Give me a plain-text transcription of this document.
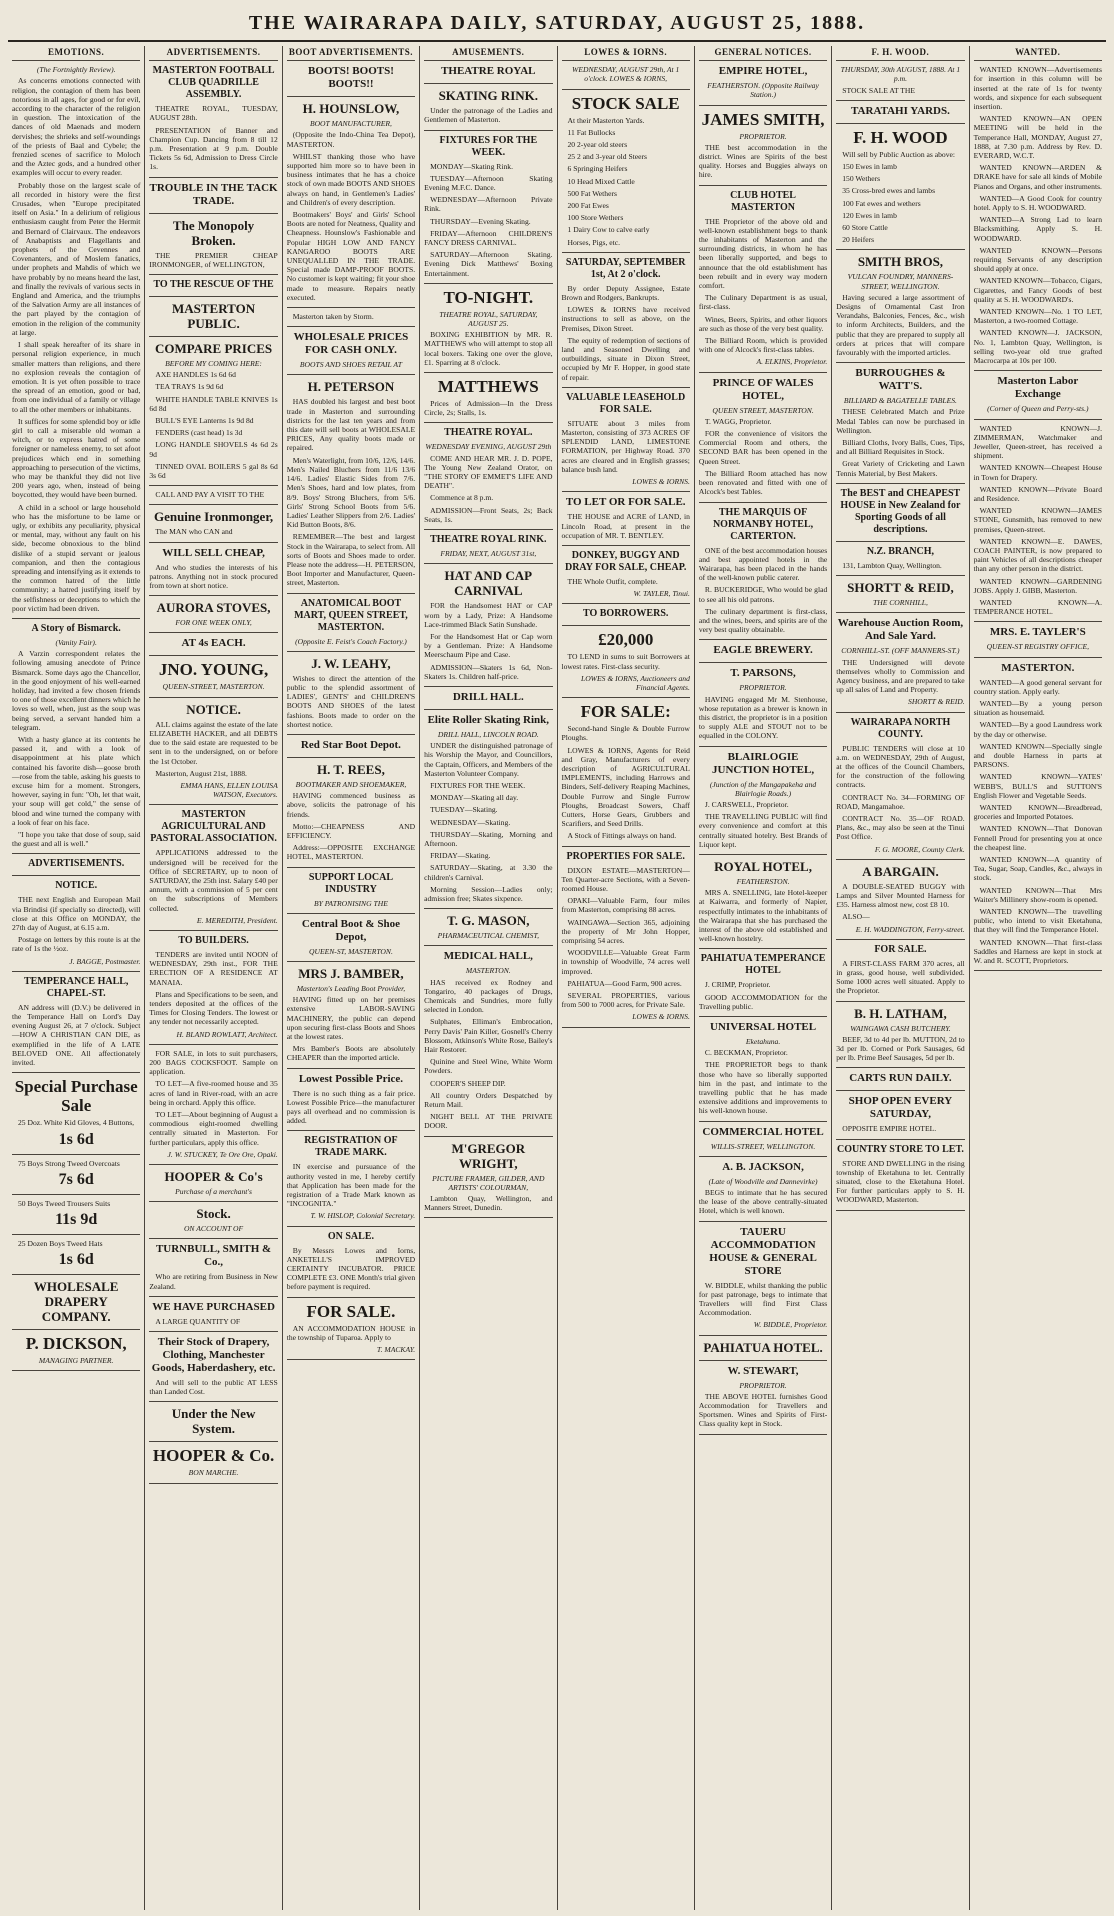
THE WAIRARAPA DAILY, SATURDAY, AUGUST 25, 1888.
EMOTIONS.
(The Fortnightly Review).

As concerns emotions connected with religion, the contagion of them has been notorious in all ages, for good or for evil, according to the character of the religion in question. The intoxication of the dances of old Maenads and modern dervishes; the shrieks and self-woundings of the priests of Baal and Cybele; the frenzied scenes of sacrifice to Moloch and the Aztec gods, and a hundred other examples will occur to every reader.

Probably those on the largest scale of all recorded in history were the first Crusades, when "Europe precipitated itself on Asia." In a delirium of religious enthusiasm caught from Peter the Hermit and Bernard of Clairvaux. The endeavors of Anabaptists and Flagellants and prophets of the Cevennes and Covenanters, and of Moslem fanatics, under prophets and Mahdis of which we have probably by no means heard the last, and finally the revivals of various sects in England and America, and the triumphs of the Salvation Army are all instances of the part played by the contagion of emotion in the religion of the community at large.

I shall speak hereafter of its share in personal religion experience, in much smaller matters than religions, and there no explosion reveals the contagion of emotion. It is yet often possible to trace the spread of an emotion, good or bad, from one individual of a family or village to all the other members or inhabitants.

It suffices for some splendid boy or idle girl to call a miserable old woman a witch, or to express hatred of some foreigner or nameless enemy, to set afoot prejudices which end in something approaching to persecution of the victims, who may be thankful they did not live 200 years ago, when, instead of being boycotted, they would have been burned.

A child in a school or large household who has the misfortune to be lame or ugly, or exhibits any peculiarity, physical or mental, may, without any fault on his side, become obnoxious to the blind dislike of a stupid servant or jealous companion, and then the contagious spreading and intensifying as it extends to the common hatred of the little community; a hatred justifying itself by the selfishness or deceptions to which the poor victim had been driven.

A Story of Bismarck.
(Vanity Fair).

A Varzin correspondent relates the following amusing anecdote of Prince Bismarck. Some days ago the Chancellor, in the good enjoyment of his well-earned holiday, had invited a few chosen friends to one of those excellent dinners which he loves so well, when, just as the soup was being served, a servant handed him a telegram.

With a hasty glance at its contents he passed it, and with a look of disappointment at his plate which contained his favorite dish—goose broth—rose from the table, asking his guests to excuse him for a moment. Strongers, however, saying in fun: "Oh, let that wait, your soup will get cold," the sense of blood and wine turned the company with a look of fear on his face.

"I hope you take that dose of soup, said the guest and all is well."

ADVERTISEMENTS.
NOTICE.

THE next English and European Mail via Brindisi (if specially so directed), will close at this Office on MONDAY, the 27th day of August, at 6.15 a.m.

Postage on letters by this route is at the rate of 1s the ½oz.

J. BAGGE, Postmaster.
TEMPERANCE HALL, CHAPEL-ST.

AN address will (D.V.) be delivered in the Temperance Hall on Lord's Day evening August 26, at 7 o'clock. Subject—HOW A CHRISTIAN CAN DIE, as exemplified in the life of A LATE BELOVED ONE. All affectionately invited.

Special Purchase Sale

25 Doz. White Kid Gloves, 4 Buttons,

1s 6d

75 Boys Strong Tweed Overcoats

7s 6d

50 Boys Tweed Trousers Suits

11s 9d

25 Dozen Boys Tweed Hats

1s 6d
WHOLESALE DRAPERY COMPANY.
P. DICKSON,
MANAGING PARTNER.
ADVERTISEMENTS.
MASTERTON FOOTBALL CLUB QUADRILLE ASSEMBLY.

THEATRE ROYAL, TUESDAY, AUGUST 28th.

PRESENTATION of Banner and Champion Cup. Dancing from 8 till 12 p.m. Presentation at 9 p.m. Double Tickets 5s 6d, Admission to Dress Circle 1s.

TROUBLE IN THE TACK TRADE.
The Monopoly Broken.

THE PREMIER CHEAP IRONMONGER, of WELLINGTON,

TO THE RESCUE OF THE
MASTERTON PUBLIC.
COMPARE PRICES
BEFORE MY COMING HERE:

AXE HANDLES 1s 6d 6d

TEA TRAYS 1s 9d 6d

WHITE HANDLE TABLE KNIVES 1s 6d 8d

BULL'S EYE Lanterns 1s 9d 8d

FENDERS (cast head) 1s 3d

LONG HANDLE SHOVELS 4s 6d 2s 9d

TINNED OVAL BOILERS 5 gal 8s 6d 3s 6d

CALL AND PAY A VISIT TO THE

Genuine Ironmonger,

The MAN who CAN and

WILL SELL CHEAP,

And who studies the interests of his patrons. Anything not in stock procured from town at short notice.

AURORA STOVES,
FOR ONE WEEK ONLY,
AT 4s EACH.
JNO. YOUNG,
QUEEN-STREET, MASTERTON.
NOTICE.

ALL claims against the estate of the late ELIZABETH HACKER, and all DEBTS due to the said estate are requested to be sent in to the undersigned, on or before the 1st October.

Masterton, August 21st, 1888.

EMMA HANS, ELLEN LOUISA WATSON, Executors.
MASTERTON AGRICULTURAL AND PASTORAL ASSOCIATION.

APPLICATIONS addressed to the undersigned will be received for the Office of SECRETARY, up to noon of SATURDAY, the 25th inst. Salary £40 per annum, with a commission of 5 per cent on the subscriptions of Members collected.

E. MEREDITH, President.
TO BUILDERS.

TENDERS are invited until NOON of WEDNESDAY, 29th inst., FOR THE ERECTION OF A RESIDENCE AT MANAIA.

Plans and Specifications to be seen, and tenders deposited at the offices of the Times for Closing Tenders. The lowest or any tender not necessarily accepted.

H. BLAND ROWLATT, Architect.

FOR SALE, in lots to suit purchasers, 200 BAGS COCKSFOOT. Sample on application.

TO LET—A five-roomed house and 35 acres of land in River-road, with an acre being in orchard. Apply this office.

TO LET—About beginning of August a commodious eight-roomed dwelling centrally situated in Masterton. For further particulars, apply this office.

J. W. STUCKEY, Te Ore Ore, Opaki.
HOOPER & Co's
Purchase of a merchant's
Stock.
ON ACCOUNT OF
TURNBULL, SMITH & Co.,

Who are retiring from Business in New Zealand.

WE HAVE PURCHASED

A LARGE QUANTITY OF

Their Stock of Drapery, Clothing, Manchester Goods, Haberdashery, etc.

And will sell to the public AT LESS than Landed Cost.

Under the New System.
HOOPER & Co.
BON MARCHE.
BOOT ADVERTISEMENTS.
BOOTS! BOOTS! BOOTS!!
H. HOUNSLOW,
BOOT MANUFACTURER,

(Opposite the Indo-China Tea Depot), MASTERTON.

WHILST thanking those who have supported him more so to have been in business intimates that he has a choice stock of own made BOOTS AND SHOES always on hand, in Gentlemen's Ladies' and Children's of every description.

Bootmakers' Boys' and Girls' School Boots are noted for Neatness, Quality and Cheapness. Hounslow's Fashionable and Popular HIGH LOW AND FANCY KANGAROO BOOTS ARE UNEQUALLED IN THE TRADE. Special made DAMP-PROOF BOOTS. No customer is kept waiting; fit your shoe made to measure. Repairs neatly executed.

Masterton taken by Storm.

WHOLESALE PRICES FOR CASH ONLY.
BOOTS AND SHOES RETAIL AT
H. PETERSON

HAS doubled his largest and best boot trade in Masterton and surrounding districts for the last ten years and from this date will sell boots at WHOLESALE PRICES, Any quality boots made or repaired.

Men's Waterlight, from 10/6, 12/6, 14/6. Men's Nailed Bluchers from 11/6 13/6 14/6. Ladies' Elastic Sides from 7/6. Men's Shoes, hard and low plates, from 8/9. Boys' Strong Bluchers, from 5/6. Girls' Strong School Boots from 5/6. Ladies' Leather Slippers from 2/6. Ladies' Kid Button Boots, 8/6.

REMEMBER—The best and largest Stock in the Wairarapa, to select from. All sorts of Boots and Shoes made to order. Please note the address—H. PETERSON, Boot Importer and Manufacturer, Queen-street, Masterton.

ANATOMICAL BOOT MART, QUEEN STREET, MASTERTON.
(Opposite E. Feist's Coach Factory.)
J. W. LEAHY,

Wishes to direct the attention of the public to the splendid assortment of LADIES', GENTS' and CHILDREN'S BOOTS AND SHOES of the latest fashions. Boots made to order on the shortest notice.

Red Star Boot Depot.
H. T. REES,
BOOTMAKER AND SHOEMAKER,

HAVING commenced business as above, solicits the patronage of his friends.

Motto:—CHEAPNESS AND EFFICIENCY.

Address:—OPPOSITE EXCHANGE HOTEL, MASTERTON.

SUPPORT LOCAL INDUSTRY
BY PATRONISING THE
Central Boot & Shoe Depot,
QUEEN-ST, MASTERTON.
MRS J. BAMBER,
Masterton's Leading Boot Provider,

HAVING fitted up on her premises extensive LABOR-SAVING MACHINERY, the public can depend upon securing first-class Boots and Shoes at the lowest rates.

Mrs Bamber's Boots are absolutely CHEAPER than the imported article.

Lowest Possible Price.

There is no such thing as a fair price. Lowest Possible Price—the manufacturer pays all overhead and no commission is added.

REGISTRATION OF TRADE MARK.

IN exercise and pursuance of the authority vested in me, I hereby certify that Application has been made for the registration of a Trade Mark known as "INCOGNITA."

T. W. HISLOP, Colonial Secretary.
ON SALE.

By Messrs Lowes and Iorns, ANKETELL'S IMPROVED CERTAINTY INCUBATOR. PRICE COMPLETE £3. ONE Month's trial given before payment is required.

FOR SALE.

AN ACCOMMODATION HOUSE in the township of Tuparoa. Apply to

T. MACKAY.
AMUSEMENTS.
THEATRE ROYAL
SKATING RINK.

Under the patronage of the Ladies and Gentlemen of Masterton.

FIXTURES FOR THE WEEK.

MONDAY—Skating Rink.

TUESDAY—Afternoon Skating Evening M.F.C. Dance.

WEDNESDAY—Afternoon Private Rink.

THURSDAY—Evening Skating.

FRIDAY—Afternoon CHILDREN'S FANCY DRESS CARNIVAL.

SATURDAY—Afternoon Skating. Evening Dick Matthews' Boxing Entertainment.

TO-NIGHT.
THEATRE ROYAL, SATURDAY, AUGUST 25.

BOXING EXHIBITION by MR. R. MATTHEWS who will attempt to stop all local boxers. Taking one over the glove, £1. Sparring at 8 o'clock.

MATTHEWS

Prices of Admission—In the Dress Circle, 2s; Stalls, 1s.

THEATRE ROYAL.
WEDNESDAY EVENING, AUGUST 29th

COME AND HEAR MR. J. D. POPE, The Young New Zealand Orator, on "THE STORY OF EMMET'S LIFE AND DEATH".

Commence at 8 p.m.

ADMISSION—Front Seats, 2s; Back Seats, 1s.

THEATRE ROYAL RINK.
FRIDAY, NEXT, AUGUST 31st,
HAT AND CAP CARNIVAL

FOR the Handsomest HAT or CAP worn by a Lady, Prize: A Handsome Lace-trimmed Black Satin Sunshade.

For the Handsomest Hat or Cap worn by a Gentleman. Prize: A Handsome Meerschaum Pipe and Case.

ADMISSION—Skaters 1s 6d, Non-Skaters 1s. Children half-price.

DRILL HALL.
Elite Roller Skating Rink,
DRILL HALL, LINCOLN ROAD.

UNDER the distinguished patronage of his Worship the Mayor, and Councillors, the Captain, Officers, and Members of the Masterton Volunteer Company.

FIXTURES FOR THE WEEK.

MONDAY—Skating all day.

TUESDAY—Skating.

WEDNESDAY—Skating.

THURSDAY—Skating, Morning and Afternoon.

FRIDAY—Skating.

SATURDAY—Skating, at 3.30 the children's Carnival.

Morning Session—Ladies only; admission free; Skates sixpence.

T. G. MASON,
PHARMACEUTICAL CHEMIST,
MEDICAL HALL,
MASTERTON.

HAS received ex Rodney and Tongariro, 40 packages of Drugs, Chemicals and Sundries, more fully selected in London.

Sulphates, Elliman's Embrocation, Perry Davis' Pain Killer, Gosnell's Cherry Blossom, Atkinson's White Rose, Bailey's Hair Restorer.

Quinine and Steel Wine, White Worm Powders.

COOPER'S SHEEP DIP.

All country Orders Despatched by Return Mail.

NIGHT BELL AT THE PRIVATE DOOR.

M'GREGOR WRIGHT,
PICTURE FRAMER, GILDER, AND ARTISTS' COLOURMAN,

Lambton Quay, Wellington, and Manners Street, Dunedin.

LOWES & IORNS.
WEDNESDAY, AUGUST 29th, At 1 o'clock. LOWES & IORNS,
STOCK SALE

At their Masterton Yards.

11 Fat Bullocks

20 2-year old steers

25 2 and 3-year old Steers

6 Springing Heifers

10 Head Mixed Cattle

500 Fat Wethers

200 Fat Ewes

100 Store Wethers

1 Dairy Cow to calve early

Horses, Pigs, etc.

SATURDAY, SEPTEMBER 1st, At 2 o'clock.

By order Deputy Assignee, Estate Brown and Rodgers, Bankrupts.

LOWES & IORNS have received instructions to sell as above, on the Premises, Dixon Street.

The equity of redemption of sections of land and Seasoned Dwelling and outbuildings, situate in Dixon Street, occupied by Mr F. Hopper, in good state of repair.

VALUABLE LEASEHOLD FOR SALE.

SITUATE about 3 miles from Masterton, consisting of 373 ACRES OF SPLENDID LAND, LIMESTONE FORMATION, per Highway Road. 370 acres are cleared and in English grasses; balance bush land.

LOWES & IORNS.
TO LET OR FOR SALE.

THE HOUSE and ACRE of LAND, in Lincoln Road, at present in the occupation of MR. T. BENTLEY.

DONKEY, BUGGY AND DRAY FOR SALE, CHEAP.

THE Whole Outfit, complete.

W. TAYLER, Tinui.
TO BORROWERS.
£20,000

TO LEND in sums to suit Borrowers at lowest rates. First-class security.

LOWES & IORNS, Auctioneers and Financial Agents.
FOR SALE:

Second-hand Single & Double Furrow Ploughs.

LOWES & IORNS, Agents for Reid and Gray, Manufacturers of every description of AGRICULTURAL IMPLEMENTS, including Harrows and Binders, Self-delivery Reaping Machines, Double Furrow and Single Furrow Ploughs, Broadcast Sowers, Chaff Cutters, Horse Gears, Grubbers and Scarifiers, and Seed Drills.

A Stock of Fittings always on hand.

PROPERTIES FOR SALE.

DIXON ESTATE—MASTERTON—Ten Quarter-acre Sections, with a Seven-roomed House.

OPAKI—Valuable Farm, four miles from Masterton, comprising 88 acres.

WAINGAWA—Section 365, adjoining the property of Mr John Hopper, comprising 54 acres.

WOODVILLE—Valuable Great Farm in township of Woodville, 74 acres well improved.

PAHIATUA—Good Farm, 900 acres.

SEVERAL PROPERTIES, various from 500 to 7000 acres, for Private Sale.

LOWES & IORNS.
GENERAL NOTICES.
EMPIRE HOTEL,
FEATHERSTON. (Opposite Railway Station.)
JAMES SMITH,
PROPRIETOR.

THE best accommodation in the district. Wines are Spirits of the best quality. Horses and Buggies always on hire.

CLUB HOTEL MASTERTON

THE Proprietor of the above old and well-known establishment begs to thank the inhabitants of Masterton and the surrounding districts, in whom he has been liberally supported, and begs to announce that the old establishment has been rebuilt and in every way modern comfort.

The Culinary Department is as usual, first-class.

Wines, Beers, Spirits, and other liquors are such as those of the very best quality.

The Billiard Room, which is provided with one of Alcock's first-class tables.

A. ELKINS, Proprietor.
PRINCE OF WALES HOTEL,
QUEEN STREET, MASTERTON.

T. WAGG, Proprietor.

FOR the convenience of visitors the Commercial Room and others, the SECOND BAR has been opened in the Queen Street.

The Billiard Room attached has now been renovated and fitted with one of Alcock's best Tables.

THE MARQUIS OF NORMANBY HOTEL, CARTERTON.

ONE of the best accommodation houses and best appointed hotels in the Wairarapa, has been placed in the hands of the well-known public caterer.

R. BUCKERIDGE, Who would be glad to see all his old patrons.

The culinary department is first-class, and the wines, beers, and spirits are of the very best quality obtainable.

EAGLE BREWERY.
T. PARSONS,
PROPRIETOR.

HAVING engaged Mr M. Stenhouse, whose reputation as a brewer is known in this district, the proprietor is in a position to supply ALE and STOUT not to be equalled in the COLONY.

BLAIRLOGIE JUNCTION HOTEL,
(Junction of the Mangapakeha and Blairlogie Roads.)

J. CARSWELL, Proprietor.

THE TRAVELLING PUBLIC will find every convenience and comfort at this centrally situated hotelry. Best Brands of Liquor kept.

ROYAL HOTEL,
FEATHERSTON.

MRS A. SNELLING, late Hotel-keeper at Kaiwarra, and formerly of Napier, respectfully intimates to the inhabitants of the Wairarapa that she has purchased the interest of the above old established and well-known hostelry.

PAHIATUA TEMPERANCE HOTEL

J. CRIMP, Proprietor.

GOOD ACCOMMODATION for the Travelling public.

UNIVERSAL HOTEL
Eketahuna.

C. BECKMAN, Proprietor.

THE PROPRIETOR begs to thank those who have so liberally supported him in the past, and intimate to the travelling public that he has made extensive additions and improvements to his well-known house.

COMMERCIAL HOTEL
WILLIS-STREET, WELLINGTON.
A. B. JACKSON,
(Late of Woodville and Dannevirke)

BEGS to intimate that he has secured the lease of the above centrally-situated Hotel, which is well known.

TAUERU ACCOMMODATION HOUSE & GENERAL STORE

W. BIDDLE, whilst thanking the public for past patronage, begs to intimate that Travellers will find First Class Accommodation.

W. BIDDLE, Proprietor.
PAHIATUA HOTEL.
W. STEWART,
PROPRIETOR.

THE ABOVE HOTEL furnishes Good Accommodation for Travellers and Sportsmen. Wines and Spirits of First-Class quality kept in Stock.

F. H. WOOD.
THURSDAY, 30th AUGUST, 1888. At 1 p.m.

STOCK SALE AT THE

TARATAHI YARDS.
F. H. WOOD

Will sell by Public Auction as above:

150 Ewes in lamb

150 Wethers

35 Cross-bred ewes and lambs

100 Fat ewes and wethers

120 Ewes in lamb

60 Store Cattle

20 Heifers

SMITH BROS,
VULCAN FOUNDRY, MANNERS-STREET, WELLINGTON.

Having secured a large assortment of Designs of Ornamental Cast Iron Verandahs, Balconies, Fences, &c., wish to inform Architects, Builders, and the public that they are prepared to supply all orders at prices that will compare favourably with the imported articles.

BURROUGHES & WATT'S.
BILLIARD & BAGATELLE TABLES.

THESE Celebrated Match and Prize Medal Tables can now be purchased in Wellington.

Billiard Cloths, Ivory Balls, Cues, Tips, and all Billiard Requisites in Stock.

Great Variety of Cricketing and Lawn Tennis Material, by Best Makers.

The BEST and CHEAPEST HOUSE in New Zealand for Sporting Goods of all descriptions.
N.Z. BRANCH,

131, Lambton Quay, Wellington.

SHORTT & REID,
THE CORNHILL,
Warehouse Auction Room, And Sale Yard.
CORNHILL-ST. (OFF MANNERS-ST.)

THE Undersigned will devote themselves wholly to Commission and Agency business, and are prepared to take up all sales of Land and Property.

SHORTT & REID.
WAIRARAPA NORTH COUNTY.

PUBLIC TENDERS will close at 10 a.m. on WEDNESDAY, 29th of August, at the offices of the Council Chambers, for the construction of the following contracts.

CONTRACT No. 34—FORMING OF ROAD, Mangamahoe.

CONTRACT No. 35—OF ROAD. Plans, &c., may also be seen at the Tinui Post Office.

F. G. MOORE, County Clerk.
A BARGAIN.

A DOUBLE-SEATED BUGGY with Lamps and Silver Mounted Harness for £35. Harness almost new, cost £8 10.

ALSO—

E. H. WADDINGTON, Ferry-street.
FOR SALE.

A FIRST-CLASS FARM 370 acres, all in grass, good house, well subdivided. Some 1000 acres well situated. Apply to the Proprietor.

B. H. LATHAM,
WAINGAWA CASH BUTCHERY.

BEEF, 3d to 4d per lb. MUTTON, 2d to 3d per lb. Corned or Pork Sausages, 6d per lb. Prime Beef Sausages, 5d per lb.

CARTS RUN DAILY.
SHOP OPEN EVERY SATURDAY,

OPPOSITE EMPIRE HOTEL.

COUNTRY STORE TO LET.

STORE AND DWELLING in the rising township of Eketahuna to let. Centrally situated, close to the Eketahuna Hotel. For further particulars apply to S. H. WOODWARD, Masterton.

WANTED.

WANTED KNOWN—Advertisements for insertion in this column will be inserted at the rate of 1s for twenty words, and sixpence for each subsequent insertion.

WANTED KNOWN—AN OPEN MEETING will be held in the Temperance Hall, MONDAY, August 27, 1888, at 7.30 p.m. Address by Rev. D. EVERARD, W.C.T.

WANTED KNOWN—ARDEN & DRAKE have for sale all kinds of Mobile Pianos and Organs, and other instruments.

WANTED—A Good Cook for country hotel. Apply to S. H. WOODWARD.

WANTED—A Strong Lad to learn Blacksmithing. Apply S. H. WOODWARD.

WANTED KNOWN—Persons requiring Servants of any description should apply at once.

WANTED KNOWN—Tobacco, Cigars, Cigarettes, and Fancy Goods of best quality at S. H. WOODWARD's.

WANTED KNOWN—No. 1 TO LET, Masterton, a two-roomed Cottage.

WANTED KNOWN—J. JACKSON, No. 1, Lambton Quay, Wellington, is selling two-year old true grafted Macrocarpa at 10s per 100.

Masterton Labor Exchange
(Corner of Queen and Perry-sts.)

WANTED KNOWN—J. ZIMMERMAN, Watchmaker and Jeweller, Queen-street, has received a shipment.

WANTED KNOWN—Cheapest House in Town for Drapery.

WANTED KNOWN—Private Board and Residence.

WANTED KNOWN—JAMES STONE, Gunsmith, has removed to new premises, Queen-street.

WANTED KNOWN—E. DAWES, COACH PAINTER, is now prepared to paint Vehicles of all descriptions cheaper than any other person in the district.

WANTED KNOWN—GARDENING JOBS. Apply J. GIBB, Masterton.

WANTED KNOWN—A. TEMPERANCE HOTEL.

MRS. E. TAYLER'S
QUEEN-ST REGISTRY OFFICE,
MASTERTON.

WANTED—A good general servant for country station. Apply early.

WANTED—By a young person situation as housemaid.

WANTED—By a good Laundress work by the day or otherwise.

WANTED KNOWN—Specially single and double Harness in parts at PARSONS.

WANTED KNOWN—YATES' WEBB'S, BULL'S and SUTTON'S English Flower and Vegetable Seeds.

WANTED KNOWN—Breadbread, groceries and Imported Potatoes.

WANTED KNOWN—That Donovan Fennell Proud for presenting you at once the cheapest line.

WANTED KNOWN—A quantity of Tea, Sugar, Soap, Candles, &c., always in stock.

WANTED KNOWN—That Mrs Waiter's Millinery show-room is opened.

WANTED KNOWN—The travelling public, who intend to visit Eketahuna, that they will find the Temperance Hotel.

WANTED KNOWN—That first-class Saddles and Harness are kept in stock at W. and R. SCOTT, Proprietors.
